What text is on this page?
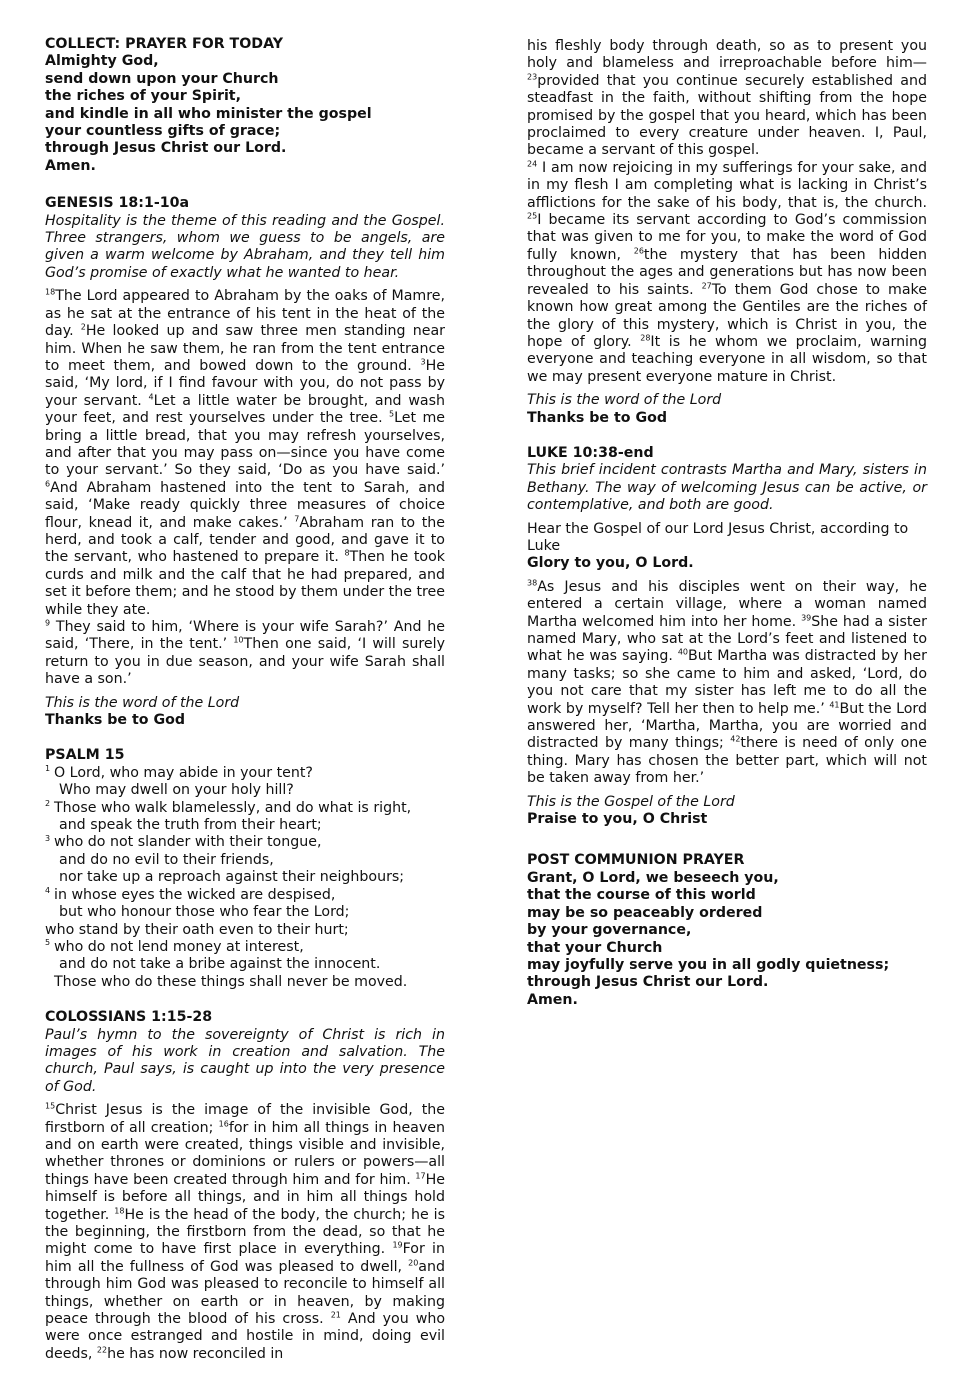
COLLECT: PRAYER FOR TODAY
Almighty God,
send down upon your Church
the riches of your Spirit,
and kindle in all who minister the gospel
your countless gifts of grace;
through Jesus Christ our Lord.
Amen.
GENESIS 18:1-10a
Hospitality is the theme of this reading and the Gospel. Three strangers, whom we guess to be angels, are given a warm welcome by Abraham, and they tell him God’s promise of exactly what he wanted to hear.

$^{18}$The Lord appeared to Abraham by the oaks of Mamre, as he sat at the entrance of his tent in the heat of the day. $^2$He looked up and saw three men standing near him. When he saw them, he ran from the tent entrance to meet them, and bowed down to the ground. $^3$He said, ‘My lord, if I find favour with you, do not pass by your servant. $^4$Let a little water be brought, and wash your feet, and rest yourselves under the tree. $^5$Let me bring a little bread, that you may refresh yourselves, and after that you may pass on—since you have come to your servant.’ So they said, ‘Do as you have said.’ $^6$And Abraham hastened into the tent to Sarah, and said, ‘Make ready quickly three measures of choice flour, knead it, and make cakes.’ $^7$Abraham ran to the herd, and took a calf, tender and good, and gave it to the servant, who hastened to prepare it. $^8$Then he took curds and milk and the calf that he had prepared, and set it before them; and he stood by them under the tree while they ate.

$^9$ They said to him, ‘Where is your wife Sarah?’ And he said, ‘There, in the tent.’ $^{10}$Then one said, ‘I will surely return to you in due season, and your wife Sarah shall have a son.’

This is the word of the Lord
Thanks be to God
PSALM 15
1 O Lord, who may abide in your tent?
Who may dwell on your holy hill?
2 Those who walk blamelessly, and do what is right,
and speak the truth from their heart;
3 who do not slander with their tongue,
and do no evil to their friends,
nor take up a reproach against their neighbours;
4 in whose eyes the wicked are despised,
but who honour those who fear the Lord;
who stand by their oath even to their hurt;
5 who do not lend money at interest,
and do not take a bribe against the innocent.
Those who do these things shall never be moved.
COLOSSIANS 1:15-28
Paul’s hymn to the sovereignty of Christ is rich in images of his work in creation and salvation. The church, Paul says, is caught up into the very presence of God.

$^{15}$Christ Jesus is the image of the invisible God, the firstborn of all creation; $^{16}$for in him all things in heaven and on earth were created, things visible and invisible, whether thrones or dominions or rulers or powers—all things have been created through him and for him. $^{17}$He himself is before all things, and in him all things hold together. $^{18}$He is the head of the body, the church; he is the beginning, the firstborn from the dead, so that he might come to have first place in everything. $^{19}$For in him all the fullness of God was pleased to dwell, $^{20}$and through him God was pleased to reconcile to himself all things, whether on earth or in heaven, by making peace through the blood of his cross. $^{21}$ And you who were once estranged and hostile in mind, doing evil deeds, $^{22}$he has now reconciled in

his fleshly body through death, so as to present you holy and blameless and irreproachable before him— $^{23}$provided that you continue securely established and steadfast in the faith, without shifting from the hope promised by the gospel that you heard, which has been proclaimed to every creature under heaven. I, Paul, became a servant of this gospel.

$^{24}$ I am now rejoicing in my sufferings for your sake, and in my flesh I am completing what is lacking in Christ’s afflictions for the sake of his body, that is, the church. $^{25}$I became its servant according to God’s commission that was given to me for you, to make the word of God fully known, $^{26}$the mystery that has been hidden throughout the ages and generations but has now been revealed to his saints. $^{27}$To them God chose to make known how great among the Gentiles are the riches of the glory of this mystery, which is Christ in you, the hope of glory. $^{28}$It is he whom we proclaim, warning everyone and teaching everyone in all wisdom, so that we may present everyone mature in Christ.

This is the word of the Lord
Thanks be to God
LUKE 10:38-end
This brief incident contrasts Martha and Mary, sisters in Bethany. The way of welcoming Jesus can be active, or contemplative, and both are good.
Hear the Gospel of our Lord Jesus Christ, according to Luke
Glory to you, O Lord.

$^{38}$As Jesus and his disciples went on their way, he entered a certain village, where a woman named Martha welcomed him into her home. $^{39}$She had a sister named Mary, who sat at the Lord’s feet and listened to what he was saying. $^{40}$But Martha was distracted by her many tasks; so she came to him and asked, ‘Lord, do you not care that my sister has left me to do all the work by myself? Tell her then to help me.’ $^{41}$But the Lord answered her, ‘Martha, Martha, you are worried and distracted by many things; $^{42}$there is need of only one thing. Mary has chosen the better part, which will not be taken away from her.’

This is the Gospel of the Lord
Praise to you, O Christ
POST COMMUNION PRAYER
Grant, O Lord, we beseech you,
that the course of this world
may be so peaceably ordered
by your governance,
that your Church
may joyfully serve you in all godly quietness;
through Jesus Christ our Lord.
Amen.
